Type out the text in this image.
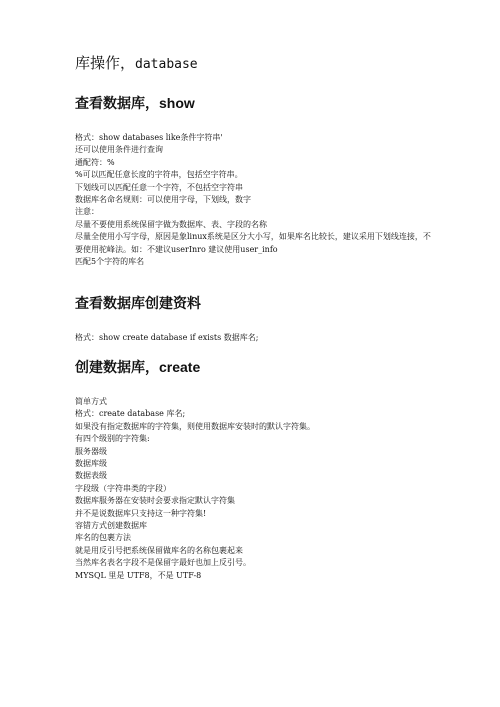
库操作，database
查看数据库，show

格式：show databases like条件字符串'

还可以使用条件进行查询

通配符：%

%可以匹配任意长度的字符串，包括空字符串。

下划线可以匹配任意一个字符，不包括空字符串

数据库名命名规则：可以使用字母，下划线，数字

注意：

尽量不要使用系统保留字做为数据库、表、字段的名称

尽量全使用小写字母，原因是象linux系统是区分大小写，如果库名比较长，建议采用下划线连接，不要使用驼峰法。如：不建议userInro 建议使用user_info

匹配5个字符的库名

查看数据库创建资料

格式：show create database if exists 数据库名;

创建数据库，create

简单方式

格式：create database 库名;

如果没有指定数据库的字符集，则使用数据库安装时的默认字符集。

有四个级别的字符集:

服务器级

数据库级

数据表级

字段级（字符串类的字段）

数据库服务器在安装时会要求指定默认字符集

并不是说数据库只支持这一种字符集!

容错方式创建数据库

库名的包裹方法

就是用反引号把系统保留做库名的名称包裹起来

当然库名表名字段不是保留字最好也加上反引号。

MYSQL 里是 UTF8，不是 UTF-8
